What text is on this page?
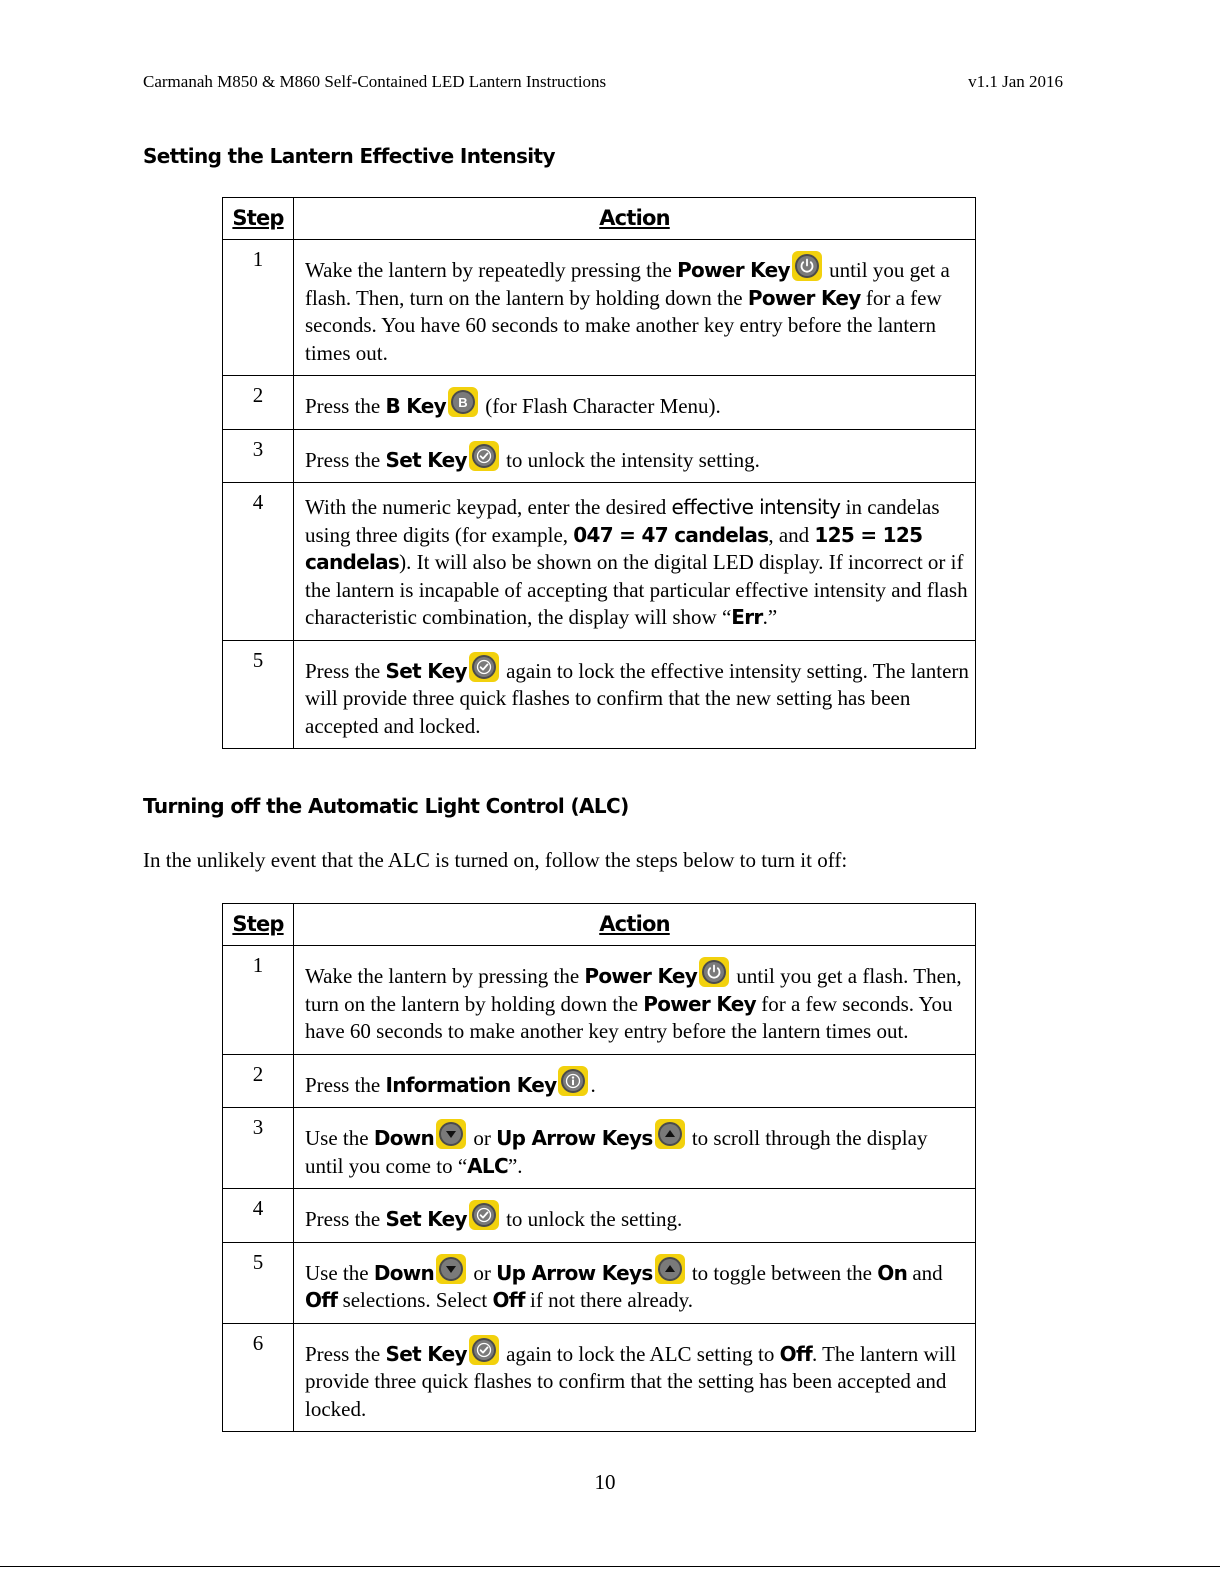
Carmanah M850 & M860 Self-Contained LED Lantern Instructions	v1.1 Jan 2016
Setting the Lantern Effective Intensity
Step	Action
1	Wake the lantern by repeatedly pressing the Power Key
until you get a flash. Then, turn on the lantern by holding down the Power Key for a few seconds. You have 60 seconds to make another key entry before the lantern times out.
2	Press the B Key B (for Flash Character Menu).
3	Press the Set Key
to unlock the intensity setting.
4	With the numeric keypad, enter the desired effective intensity in candelas using three digits (for example, 047 = 47 candelas, and 125 = 125 candelas). It will also be shown on the digital LED display. If incorrect or if the lantern is incapable of accepting that particular effective intensity and flash characteristic combination, the display will show “Err.”
5	Press the Set Key
again to lock the effective intensity setting. The lantern will provide three quick flashes to confirm that the new setting has been accepted and locked.
Turning off the Automatic Light Control (ALC)
In the unlikely event that the ALC is turned on, follow the steps below to turn it off:
Step	Action
1	Wake the lantern by pressing the Power Key
until you get a flash. Then, turn on the lantern by holding down the Power Key for a few seconds. You have 60 seconds to make another key entry before the lantern times out.
2	Press the Information Key .
3	Use the Down
or Up Arrow Keys
to scroll through the display until you come to “ALC”.
4	Press the Set Key
to unlock the setting.
5	Use the Down
or Up Arrow Keys
to toggle between the On and Off selections. Select Off if not there already.
6	Press the Set Key
again to lock the ALC setting to Off. The lantern will provide three quick flashes to confirm that the setting has been accepted and locked.
10
